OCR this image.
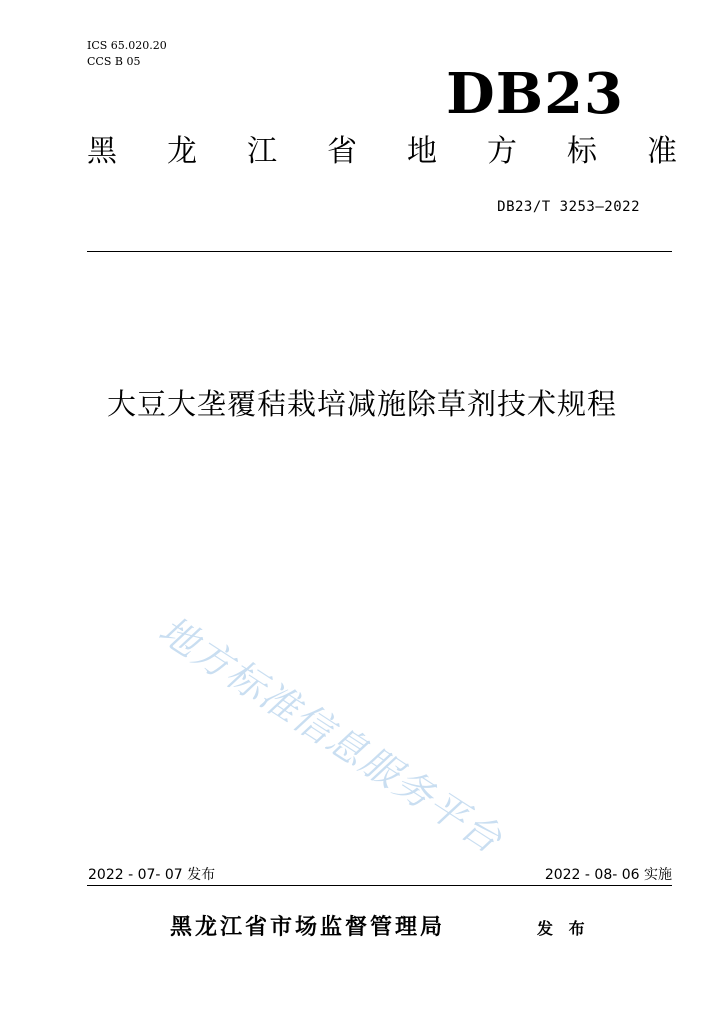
ICS 65.020.20
CCS B 05	DB23
黑 龙 江 省 地 方 标 准
DB23/T 3253—2022
大豆大垄覆秸栽培减施除草剂技术规程
地方标准信息服务平台
2022 - 07- 07 发布	2022 - 08- 06 实施
黑龙江省市场监督管理局	发 布
